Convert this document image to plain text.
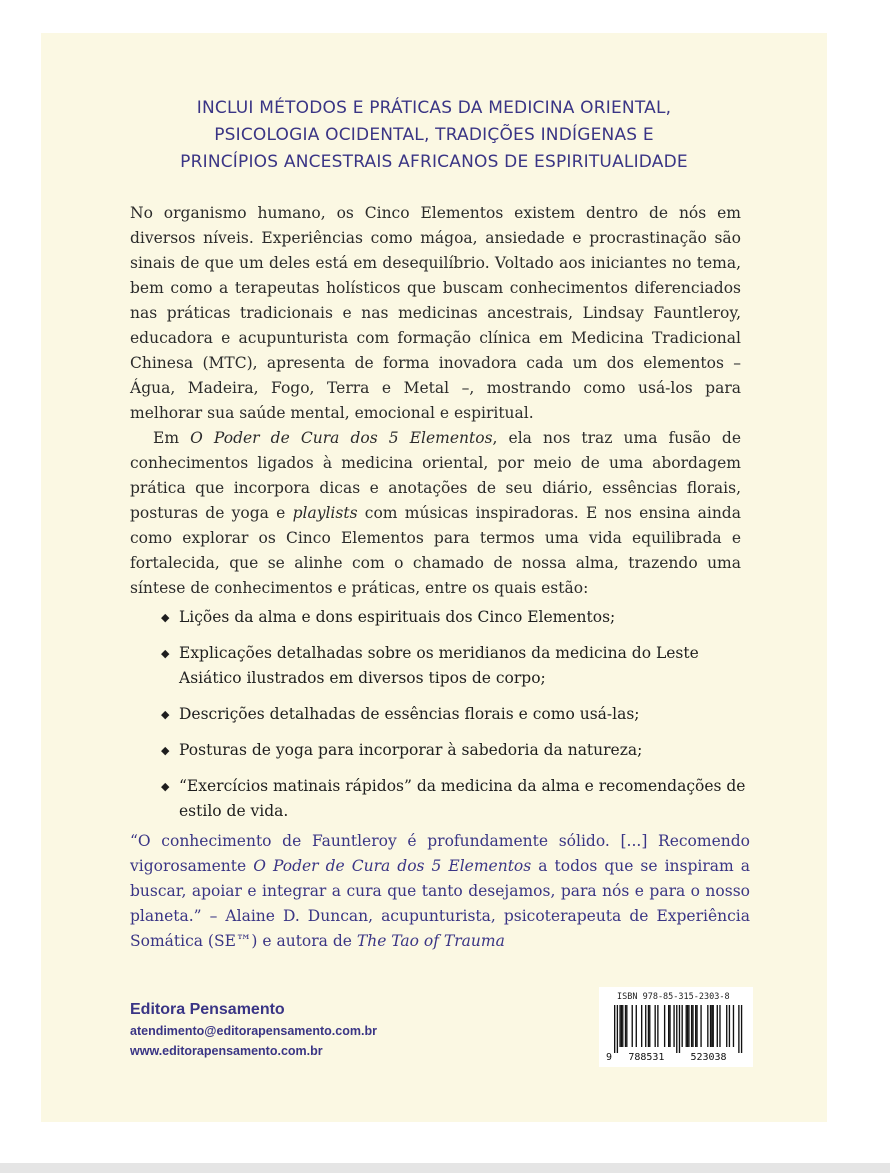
INCLUI MÉTODOS E PRÁTICAS DA MEDICINA ORIENTAL,
PSICOLOGIA OCIDENTAL, TRADIÇÕES INDÍGENAS E
PRINCÍPIOS ANCESTRAIS AFRICANOS DE ESPIRITUALIDADE

No organismo humano, os Cinco Elementos existem dentro de nós em diversos níveis. Experiências como mágoa, ansiedade e procrastinação são sinais de que um deles está em desequilíbrio. Voltado aos iniciantes no tema, bem como a terapeutas holísticos que buscam conhecimentos diferenciados nas práticas tradicionais e nas medicinas ancestrais, Lindsay Fauntleroy, educadora e acupunturista com formação clínica em Medicina Tradicional Chinesa (MTC), apresenta de forma inovadora cada um dos elementos – Água, Madeira, Fogo, Terra e Metal –, mostrando como usá-los para melhorar sua saúde mental, emocional e espiritual.

Em O Poder de Cura dos 5 Elementos, ela nos traz uma fusão de conhecimentos ligados à medicina oriental, por meio de uma abordagem prática que incorpora dicas e anotações de seu diário, essências florais, posturas de yoga e playlists com músicas inspiradoras. E nos ensina ainda como explorar os Cinco Elementos para termos uma vida equilibrada e fortalecida, que se alinhe com o chamado de nossa alma, trazendo uma síntese de conhecimentos e práticas, entre os quais estão:

◆ Lições da alma e dons espirituais dos Cinco Elementos;
◆ Explicações detalhadas sobre os meridianos da medicina do Leste Asiático ilustrados em diversos tipos de corpo;
◆ Descrições detalhadas de essências florais e como usá-las;
◆ Posturas de yoga para incorporar à sabedoria da natureza;
◆ “Exercícios matinais rápidos” da medicina da alma e recomendações de estilo de vida.
“O conhecimento de Fauntleroy é profundamente sólido. [...] Recomendo vigorosamente O Poder de Cura dos 5 Elementos a todos que se inspiram a buscar, apoiar e integrar a cura que tanto desejamos, para nós e para o nosso planeta.” – Alaine D. Duncan, acupunturista, psicoterapeuta de Experiência Somática (SE™) e autora de The Tao of Trauma
Editora Pensamento
atendimento@editorapensamento.com.br
www.editorapensamento.com.br
ISBN 978-85-315-2303-8
9 788531	523038
